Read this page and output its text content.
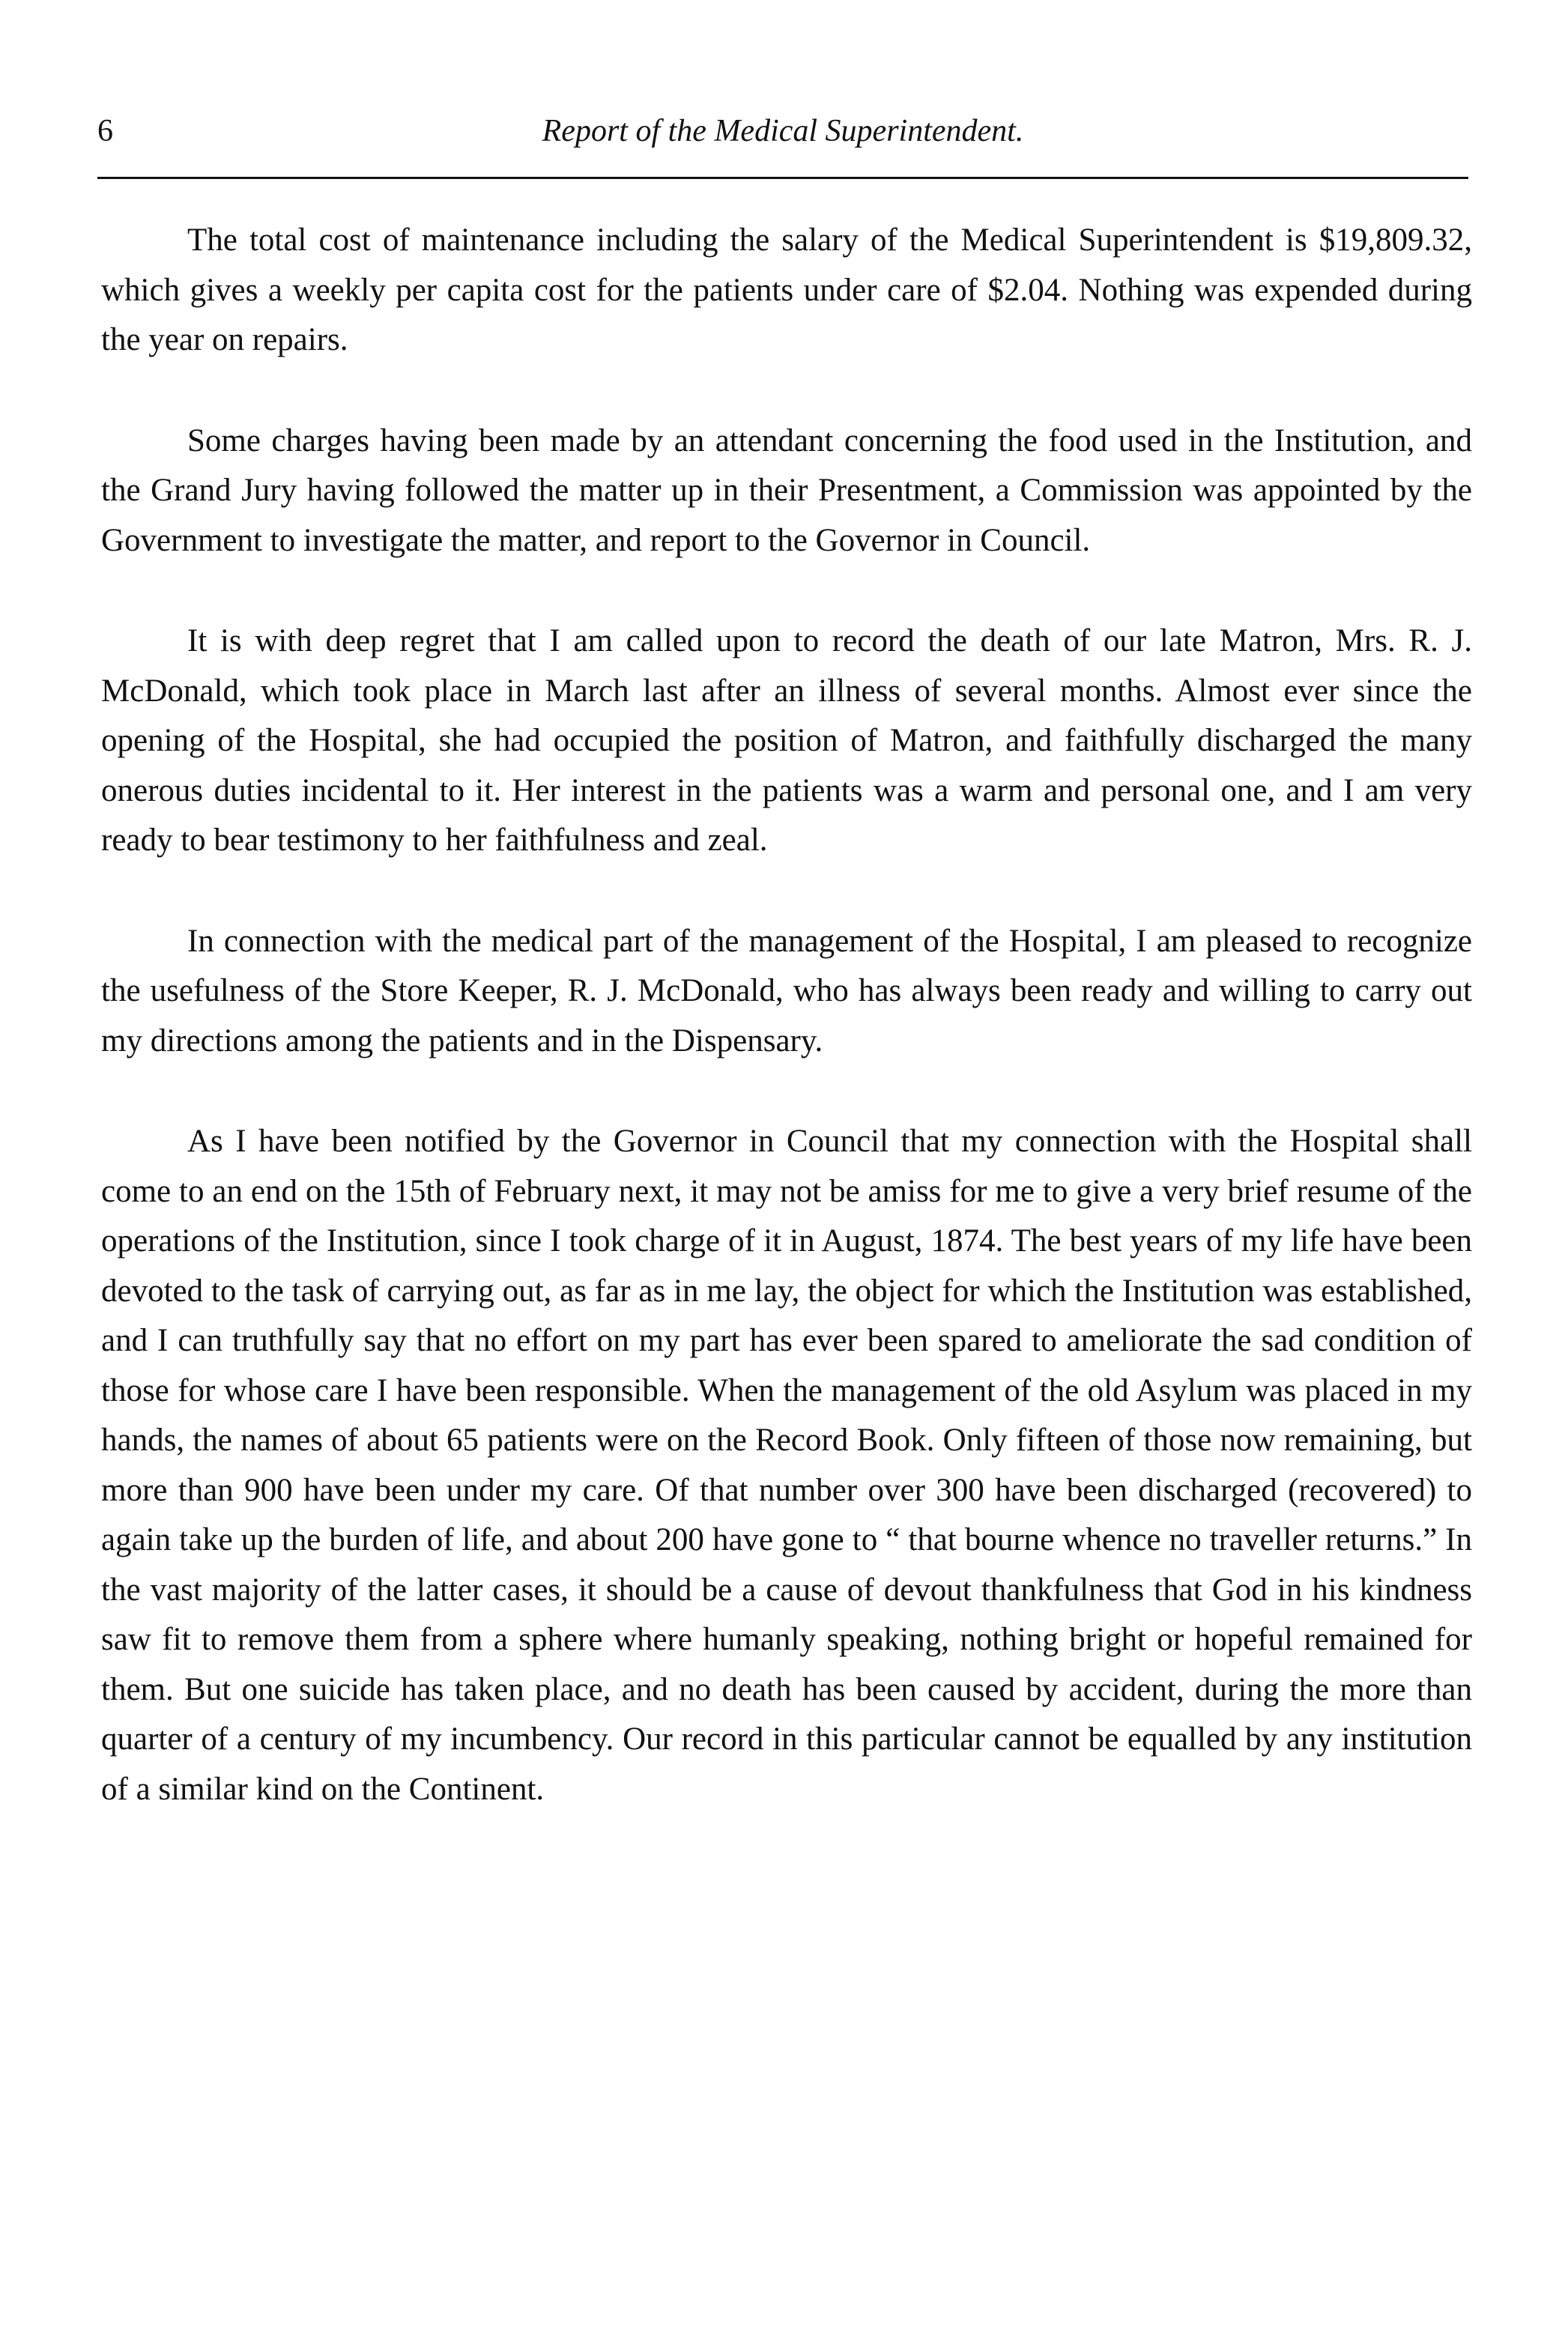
6	Report of the Medical Superintendent.

The total cost of maintenance including the salary of the Medical Superintendent is $19,809.32, which gives a weekly per capita cost for the patients under care of $2.04. Nothing was expended during the year on repairs.

Some charges having been made by an attendant concerning the food used in the Institution, and the Grand Jury having followed the matter up in their Presentment, a Commission was appointed by the Government to investigate the matter, and report to the Governor in Council.

It is with deep regret that I am called upon to record the death of our late Matron, Mrs. R. J. McDonald, which took place in March last after an illness of several months. Almost ever since the opening of the Hospital, she had occupied the position of Matron, and faithfully discharged the many onerous duties incidental to it. Her interest in the patients was a warm and personal one, and I am very ready to bear testimony to her faithfulness and zeal.

In connection with the medical part of the management of the Hospital, I am pleased to recognize the usefulness of the Store Keeper, R. J. McDonald, who has always been ready and willing to carry out my directions among the patients and in the Dispensary.

As I have been notified by the Governor in Council that my connection with the Hospital shall come to an end on the 15th of February next, it may not be amiss for me to give a very brief resume of the operations of the Institution, since I took charge of it in August, 1874. The best years of my life have been devoted to the task of carrying out, as far as in me lay, the object for which the Institution was established, and I can truthfully say that no effort on my part has ever been spared to ameliorate the sad condition of those for whose care I have been responsible. When the management of the old Asylum was placed in my hands, the names of about 65 patients were on the Record Book. Only fifteen of those now remaining, but more than 900 have been under my care. Of that number over 300 have been discharged (recovered) to again take up the burden of life, and about 200 have gone to “ that bourne whence no traveller returns.” In the vast majority of the latter cases, it should be a cause of devout thankfulness that God in his kindness saw fit to remove them from a sphere where humanly speaking, nothing bright or hopeful remained for them. But one suicide has taken place, and no death has been caused by accident, during the more than quarter of a century of my incumbency. Our record in this particular cannot be equalled by any institution of a similar kind on the Continent.
